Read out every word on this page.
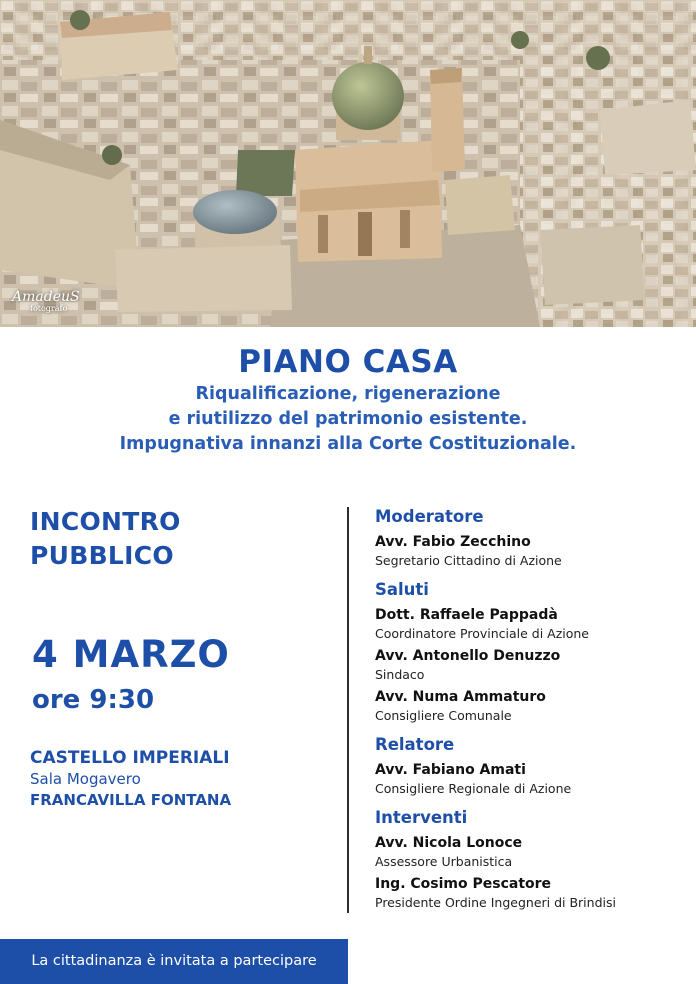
AmadeuS
fotografo
PIANO CASA
Riqualificazione, rigenerazione
e riutilizzo del patrimonio esistente.
Impugnativa innanzi alla Corte Costituzionale.
INCONTRO
PUBBLICO
4 MARZO
ore 9:30
CASTELLO IMPERIALI
Sala Mogavero
FRANCAVILLA FONTANA
Moderatore
Avv. Fabio Zecchino
Segretario Cittadino di Azione
Saluti
Dott. Raffaele Pappadà
Coordinatore Provinciale di Azione
Avv. Antonello Denuzzo
Sindaco
Avv. Numa Ammaturo
Consigliere Comunale
Relatore
Avv. Fabiano Amati
Consigliere Regionale di Azione
Interventi
Avv. Nicola Lonoce
Assessore Urbanistica
Ing. Cosimo Pescatore
Presidente Ordine Ingegneri di Brindisi
La cittadinanza è invitata a partecipare
